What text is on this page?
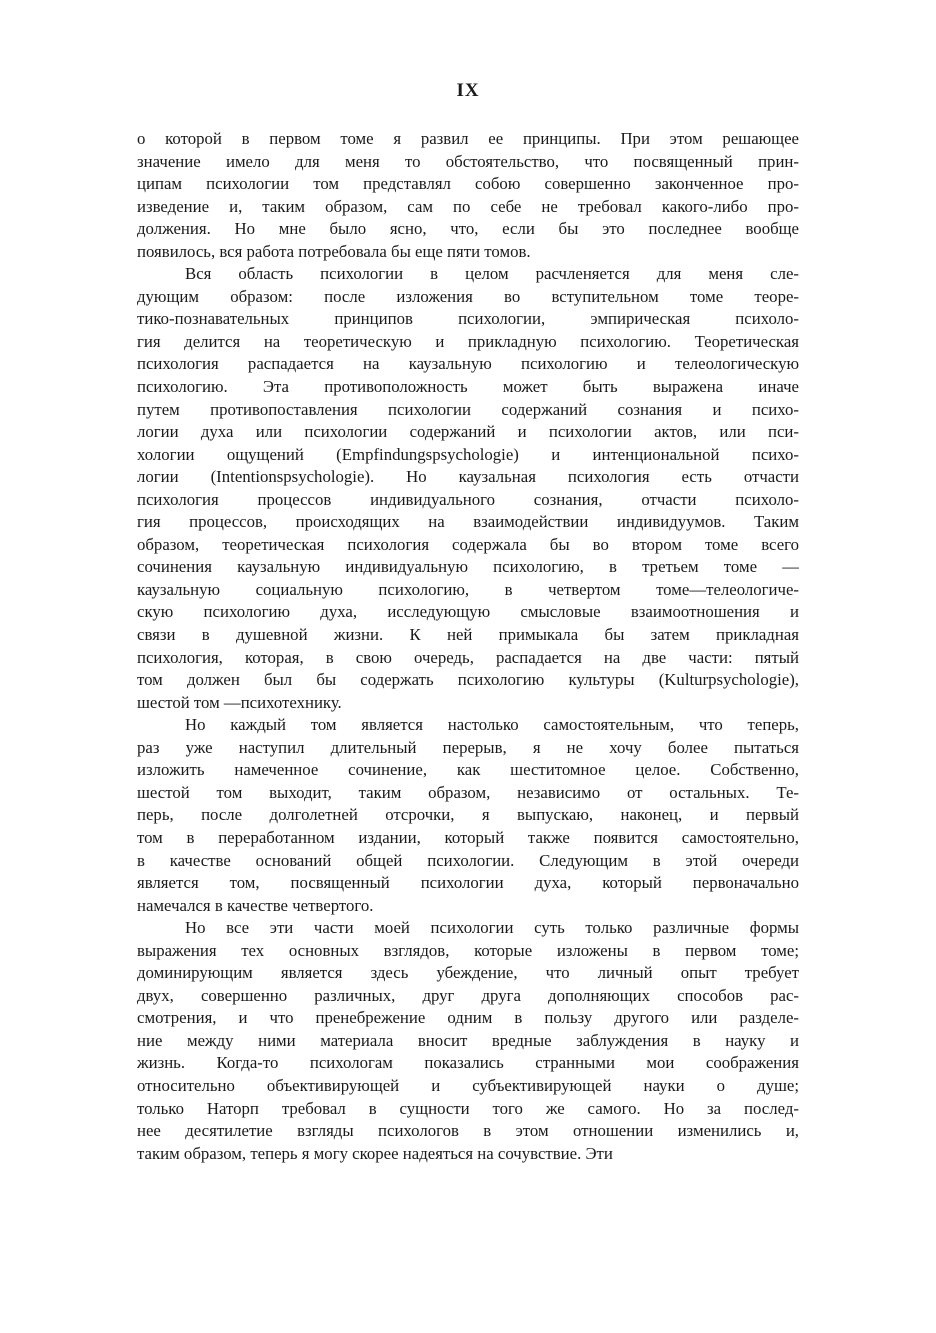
IX
о которой в первом томе я развил ее принципы. При этом решающее
значение имело для меня то обстоятельство, что посвященный прин-
ципам психологии том представлял собою совершенно законченное про-
изведение и, таким образом, сам по себе не требовал какого-либо про-
должения. Но мне было ясно, что, если бы это последнее вообще
появилось, вся работа потребовала бы еще пяти томов.
Вся область психологии в целом расчленяется для меня сле-
дующим образом: после изложения во вступительном томе теоре-
тико-познавательных принципов психологии, эмпирическая психоло-
гия делится на теоретическую и прикладную психологию. Теоретическая
психология распадается на каузальную психологию и телеологическую
психологию. Эта противоположность может быть выражена иначе
путем противопоставления психологии содержаний сознания и психо-
логии духа или психологии содержаний и психологии актов, или пси-
хологии ощущений (Empfindungspsychologie) и интенциональной психо-
логии (Intentionspsychologie). Но каузальная психология есть отчасти
психология процессов индивидуального сознания, отчасти психоло-
гия процессов, происходящих на взаимодействии индивидуумов. Таким
образом, теоретическая психология содержала бы во втором томе всего
сочинения каузальную индивидуальную психологию, в третьем томе —
каузальную социальную психологию, в четвертом томе—телеологиче-
скую психологию духа, исследующую смысловые взаимоотношения и
связи в душевной жизни. К ней примыкала бы затем прикладная
психология, которая, в свою очередь, распадается на две части: пятый
том должен был бы содержать психологию культуры (Kulturpsychologie),
шестой том —психотехнику.
Но каждый том является настолько самостоятельным, что теперь,
раз уже наступил длительный перерыв, я не хочу более пытаться
изложить намеченное сочинение, как шеститомное целое. Собственно,
шестой том выходит, таким образом, независимо от остальных. Те-
перь, после долголетней отсрочки, я выпускаю, наконец, и первый
том в переработанном издании, который также появится самостоятельно,
в качестве оснований общей психологии. Следующим в этой очереди
является том, посвященный психологии духа, который первоначально
намечался в качестве четвертого.
Но все эти части моей психологии суть только различные формы
выражения тех основных взглядов, которые изложены в первом томе;
доминирующим является здесь убеждение, что личный опыт требует
двух, совершенно различных, друг друга дополняющих способов рас-
смотрения, и что пренебрежение одним в пользу другого или разделе-
ние между ними материала вносит вредные заблуждения в науку и
жизнь. Когда-то психологам показались странными мои соображения
относительно объективирующей и субъективирующей науки о душе;
только Наторп требовал в сущности того же самого. Но за послед-
нее десятилетие взгляды психологов в этом отношении изменились и,
таким образом, теперь я могу скорее надеяться на сочувствие. Эти
